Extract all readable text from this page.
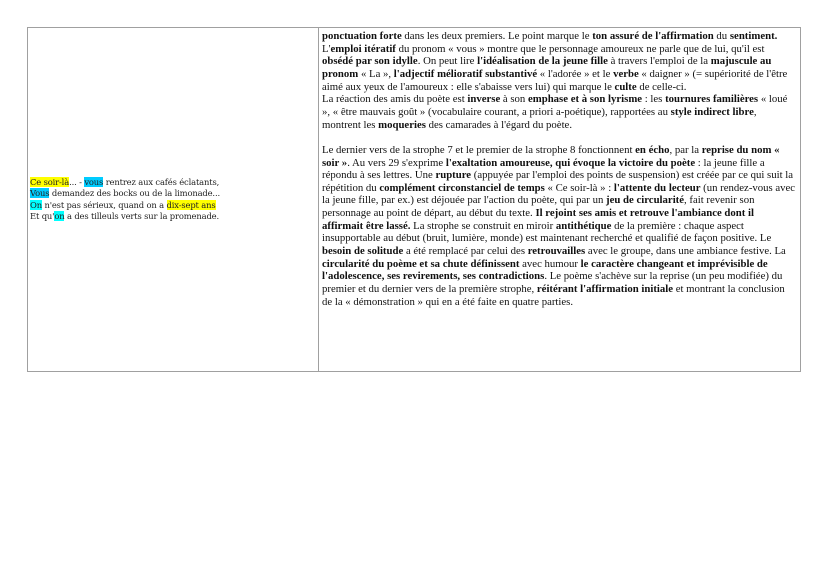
Ce soir-là... - vous rentrez aux cafés éclatants,
Vous demandez des bocks ou de la limonade...
On n'est pas sérieux, quand on a dix-sept ans
Et qu'on a des tilleuls verts sur la promenade.

ponctuation forte dans les deux premiers. Le point marque le ton assuré de l'affirmation du sentiment. L'emploi itératif du pronom « vous » montre que le personnage amoureux ne parle que de lui, qu'il est obsédé par son idylle. On peut lire l'idéalisation de la jeune fille à travers l'emploi de la majuscule au pronom « La », l'adjectif mélioratif substantivé « l'adorée » et le verbe « daigner » (= supériorité de l'être aimé aux yeux de l'amoureux : elle s'abaisse vers lui) qui marque le culte de celle-ci.

La réaction des amis du poète est inverse à son emphase et à son lyrisme : les tournures familières « loué », « être mauvais goût » (vocabulaire courant, a priori a-poétique), rapportées au style indirect libre, montrent les moqueries des camarades à l'égard du poète.

Le dernier vers de la strophe 7 et le premier de la strophe 8 fonctionnent en écho, par la reprise du nom « soir ». Au vers 29 s'exprime l'exaltation amoureuse, qui évoque la victoire du poète : la jeune fille a répondu à ses lettres. Une rupture (appuyée par l'emploi des points de suspension) est créée par ce qui suit la répétition du complément circonstanciel de temps « Ce soir-là » : l'attente du lecteur (un rendez-vous avec la jeune fille, par ex.) est déjouée par l'action du poète, qui par un jeu de circularité, fait revenir son personnage au point de départ, au début du texte. Il rejoint ses amis et retrouve l'ambiance dont il affirmait être lassé. La strophe se construit en miroir antithétique de la première : chaque aspect insupportable au début (bruit, lumière, monde) est maintenant recherché et qualifié de façon positive. Le besoin de solitude a été remplacé par celui des retrouvailles avec le groupe, dans une ambiance festive. La circularité du poème et sa chute définissent avec humour le caractère changeant et imprévisible de l'adolescence, ses revirements, ses contradictions. Le poème s'achève sur la reprise (un peu modifiée) du premier et du dernier vers de la première strophe, réitérant l'affirmation initiale et montrant la conclusion de la « démonstration » qui en a été faite en quatre parties.
